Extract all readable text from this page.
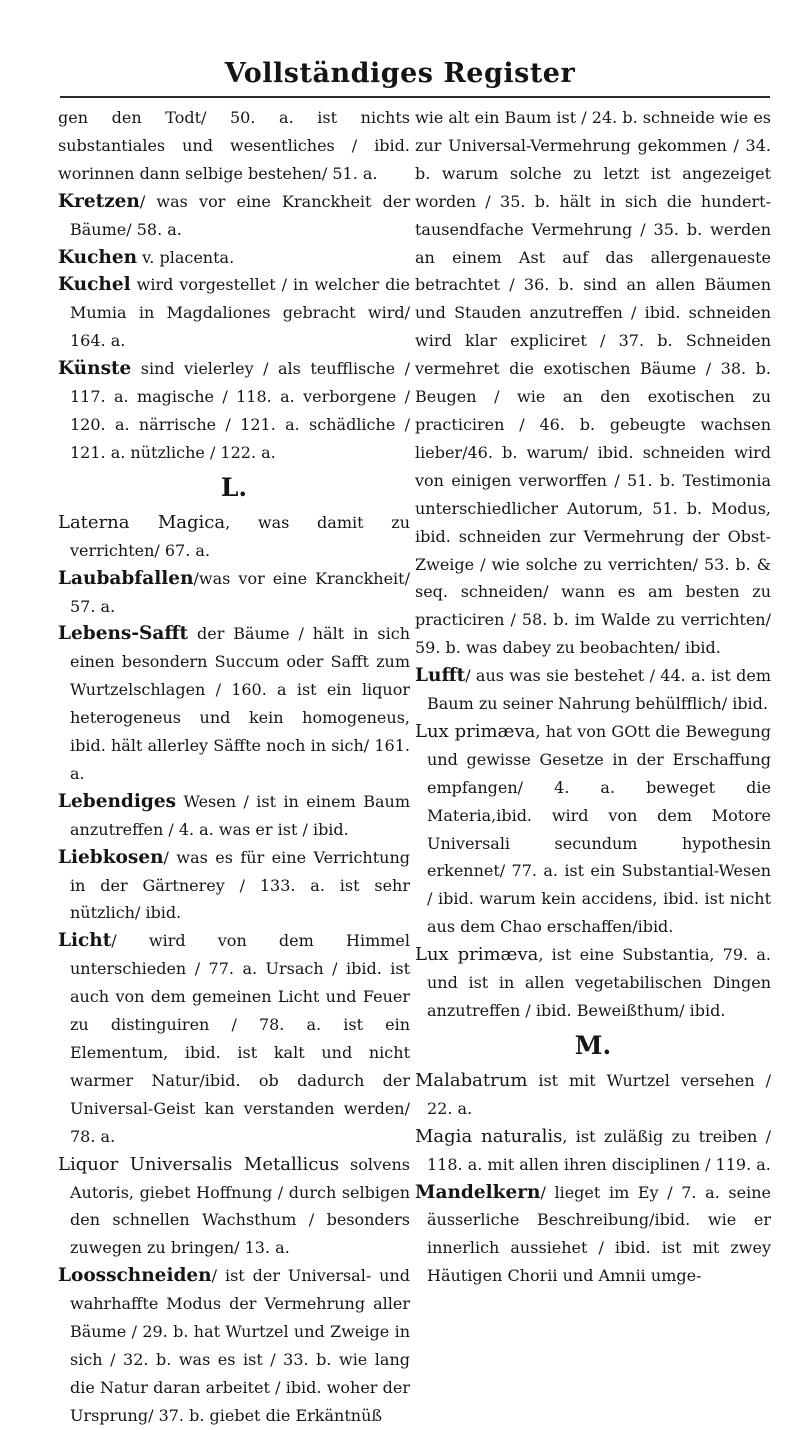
Vollständiges Register

gen den Todt/ 50. a. ist nichts substantiales und wesentliches / ibid. worinnen dann selbige bestehen/ 51. a.

Kretzen/ was vor eine Kranckheit der Bäume/ 58. a.

Kuchen v. placenta.

Kuchel wird vorgestellet / in welcher die Mumia in Magdaliones gebracht wird/ 164. a.

Künste sind vielerley / als teufflische / 117. a. magische / 118. a. verborgene / 120. a. närrische / 121. a. schädliche / 121. a. nützliche / 122. a.

L.

Laterna Magica, was damit zu verrichten/ 67. a.

Laubabfallen/was vor eine Kranckheit/ 57. a.

Lebens-Safft der Bäume / hält in sich einen besondern Succum oder Safft zum Wurtzelschlagen / 160. a ist ein liquor heterogeneus und kein homogeneus, ibid. hält allerley Säffte noch in sich/ 161. a.

Lebendiges Wesen / ist in einem Baum anzutreffen / 4. a. was er ist / ibid.

Liebkosen/ was es für eine Verrichtung in der Gärtnerey / 133. a. ist sehr nützlich/ ibid.

Licht/ wird von dem Himmel unterschieden / 77. a. Ursach / ibid. ist auch von dem gemeinen Licht und Feuer zu distinguiren / 78. a. ist ein Elementum, ibid. ist kalt und nicht warmer Natur/ibid. ob dadurch der Universal-Geist kan verstanden werden/ 78. a.

Liquor Universalis Metallicus solvens Autoris, giebet Hoffnung / durch selbigen den schnellen Wachsthum / besonders zuwegen zu bringen/ 13. a.

Loosschneiden/ ist der Universal- und wahrhaffte Modus der Vermehrung aller Bäume / 29. b. hat Wurtzel und Zweige in sich / 32. b. was es ist / 33. b. wie lang die Natur daran arbeitet / ibid. woher der Ursprung/ 37. b. giebet die Erkäntnüß

wie alt ein Baum ist / 24. b. schneide wie es zur Universal-Vermehrung gekommen / 34. b. warum solche zu letzt ist angezeiget worden / 35. b. hält in sich die hundert-tausendfache Vermehrung / 35. b. werden an einem Ast auf das allergenaueste betrachtet / 36. b. sind an allen Bäumen und Stauden anzutreffen / ibid. schneiden wird klar expliciret / 37. b. Schneiden vermehret die exotischen Bäume / 38. b. Beugen / wie an den exotischen zu practiciren / 46. b. gebeugte wachsen lieber/46. b. warum/ ibid. schneiden wird von einigen verworffen / 51. b. Testimonia unterschiedlicher Autorum, 51. b. Modus, ibid. schneiden zur Vermehrung der Obst-Zweige / wie solche zu verrichten/ 53. b. & seq. schneiden/ wann es am besten zu practiciren / 58. b. im Walde zu verrichten/ 59. b. was dabey zu beobachten/ ibid.

Lufft/ aus was sie bestehet / 44. a. ist dem Baum zu seiner Nahrung behülfflich/ ibid.

Lux primæva, hat von GOtt die Bewegung und gewisse Gesetze in der Erschaffung empfangen/ 4. a. beweget die Materia,ibid. wird von dem Motore Universali secundum hypothesin erkennet/ 77. a. ist ein Substantial-Wesen / ibid. warum kein accidens, ibid. ist nicht aus dem Chao erschaffen/ibid.

Lux primæva, ist eine Substantia, 79. a. und ist in allen vegetabilischen Dingen anzutreffen / ibid. Beweißthum/ ibid.

M.

Malabatrum ist mit Wurtzel versehen / 22. a.

Magia naturalis, ist zuläßig zu treiben / 118. a. mit allen ihren disciplinen / 119. a.

Mandelkern/ lieget im Ey / 7. a. seine äusserliche Beschreibung/ibid. wie er innerlich aussiehet / ibid. ist mit zwey Häutigen Chorii und Amnii umge-
